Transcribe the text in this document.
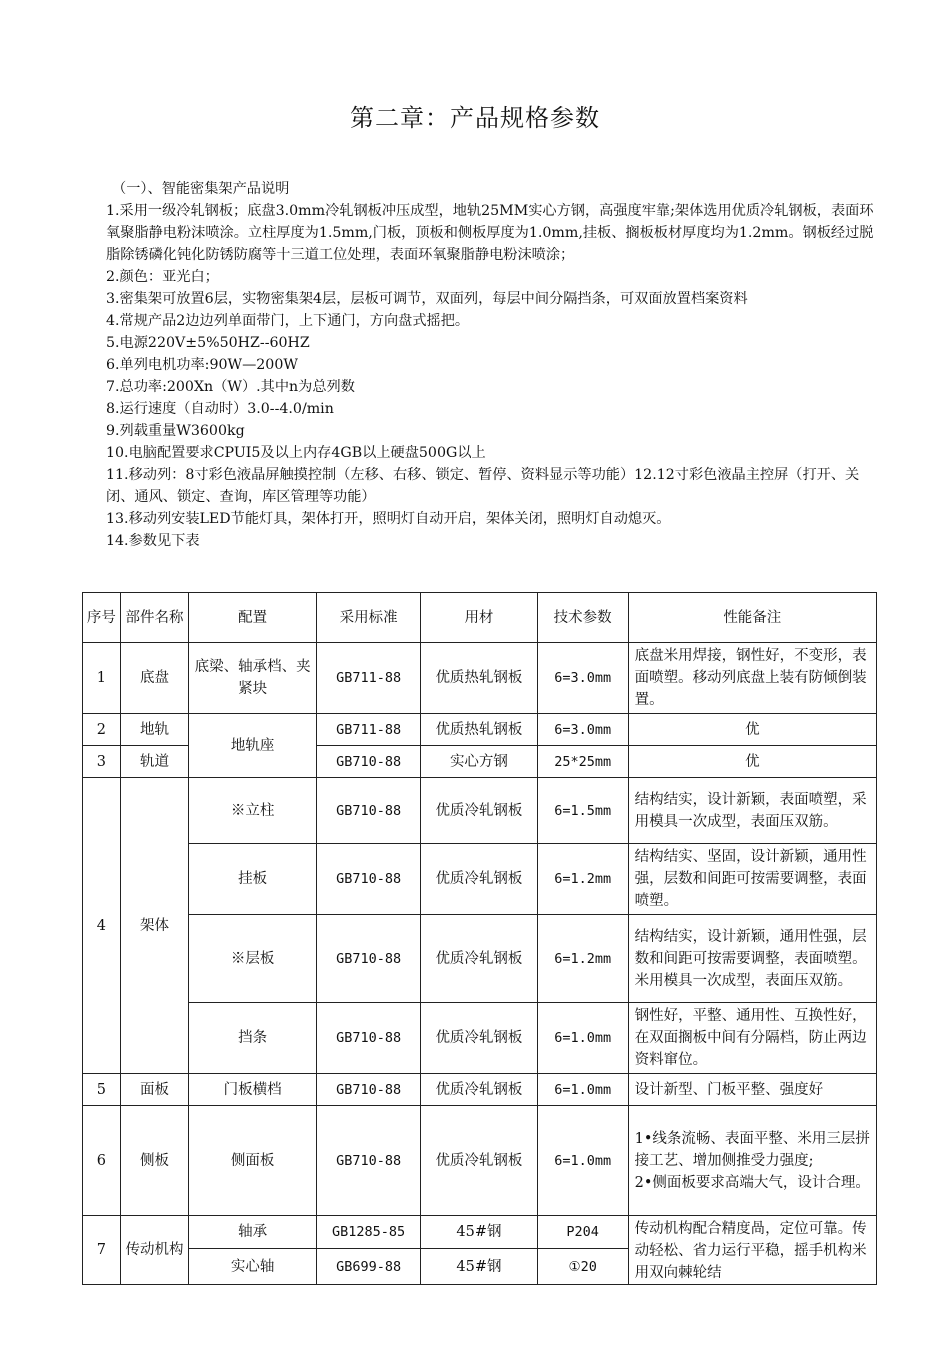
第二章：产品规格参数

（一）、智能密集架产品说明

1.采用一级冷轧钢板；底盘3.0mm冷轧钢板冲压成型，地轨25MM实心方钢，高强度牢靠;架体选用优质冷轧钢板，表面环氧聚脂静电粉沫喷涂。立柱厚度为1.5mm,门板，顶板和侧板厚度为1.0mm,挂板、搁板板材厚度均为1.2mm。钢板经过脱脂除锈磷化钝化防锈防腐等十三道工位处理，表面环氧聚脂静电粉沫喷涂；

2.颜色：亚光白；

3.密集架可放置6层，实物密集架4层，层板可调节，双面列，每层中间分隔挡条，可双面放置档案资料

4.常规产品2边边列单面带门，上下通门，方向盘式摇把。

5.电源220V±5%50HZ--60HZ

6.单列电机功率:90W—200W

7.总功率:200Xn（W）.其中n为总列数

8.运行速度（自动时）3.0--4.0/min

9.列载重量W3600kg

10.电脑配置要求CPUI5及以上内存4GB以上硬盘500G以上

11.移动列：8寸彩色液晶屏触摸控制（左移、右移、锁定、暂停、资料显示等功能）12.12寸彩色液晶主控屏（打开、关闭、通风、锁定、查询，库区管理等功能）

13.移动列安装LED节能灯具，架体打开，照明灯自动开启，架体关闭，照明灯自动熄灭。

14.参数见下表

序号	部件名称	配置	采用标准	用材	技术参数	性能备注
1	底盘	底梁、轴承档、夹紧块	GB711-88	优质热轧钢板	6=3.0mm	底盘米用焊接，钢性好，不变形，表面喷塑。移动列底盘上装有防倾倒装置。
2	地轨	地轨座	GB711-88	优质热轧钢板	6=3.0mm	优
3	轨道		GB710-88	实心方钢	25*25mm	优
4	架体	※立柱	GB710-88	优质冷轧钢板	6=1.5mm	结构结实，设计新颖，表面喷塑，采用模具一次成型，表面压双筋。
		挂板	GB710-88	优质冷轧钢板	6=1.2mm	结构结实、坚固，设计新颖，通用性强，层数和间距可按需要调整，表面喷塑。
		※层板	GB710-88	优质冷轧钢板	6=1.2mm	结构结实，设计新颖，通用性强，层数和间距可按需要调整，表面喷塑。米用模具一次成型，表面压双筋。
		挡条	GB710-88	优质冷轧钢板	6=1.0mm	钢性好，平整、通用性、互换性好，在双面搁板中间有分隔档，防止两边资料窜位。
5	面板	门板横档	GB710-88	优质冷轧钢板	6=1.0mm	设计新型、门板平整、强度好
6	侧板	侧面板	GB710-88	优质冷轧钢板	6=1.0mm	1•线条流畅、表面平整、米用三层拼接工艺、增加侧推受力强度;
2•侧面板要求高端大气，设计合理。

7	传动机构	轴承	GB1285-85	45#钢	P204	传动机构配合精度咼，定位可靠。传动轻松、省力运行平稳，摇手机构米用双向棘轮结

		实心轴	GB699-88	45#钢	①20	
